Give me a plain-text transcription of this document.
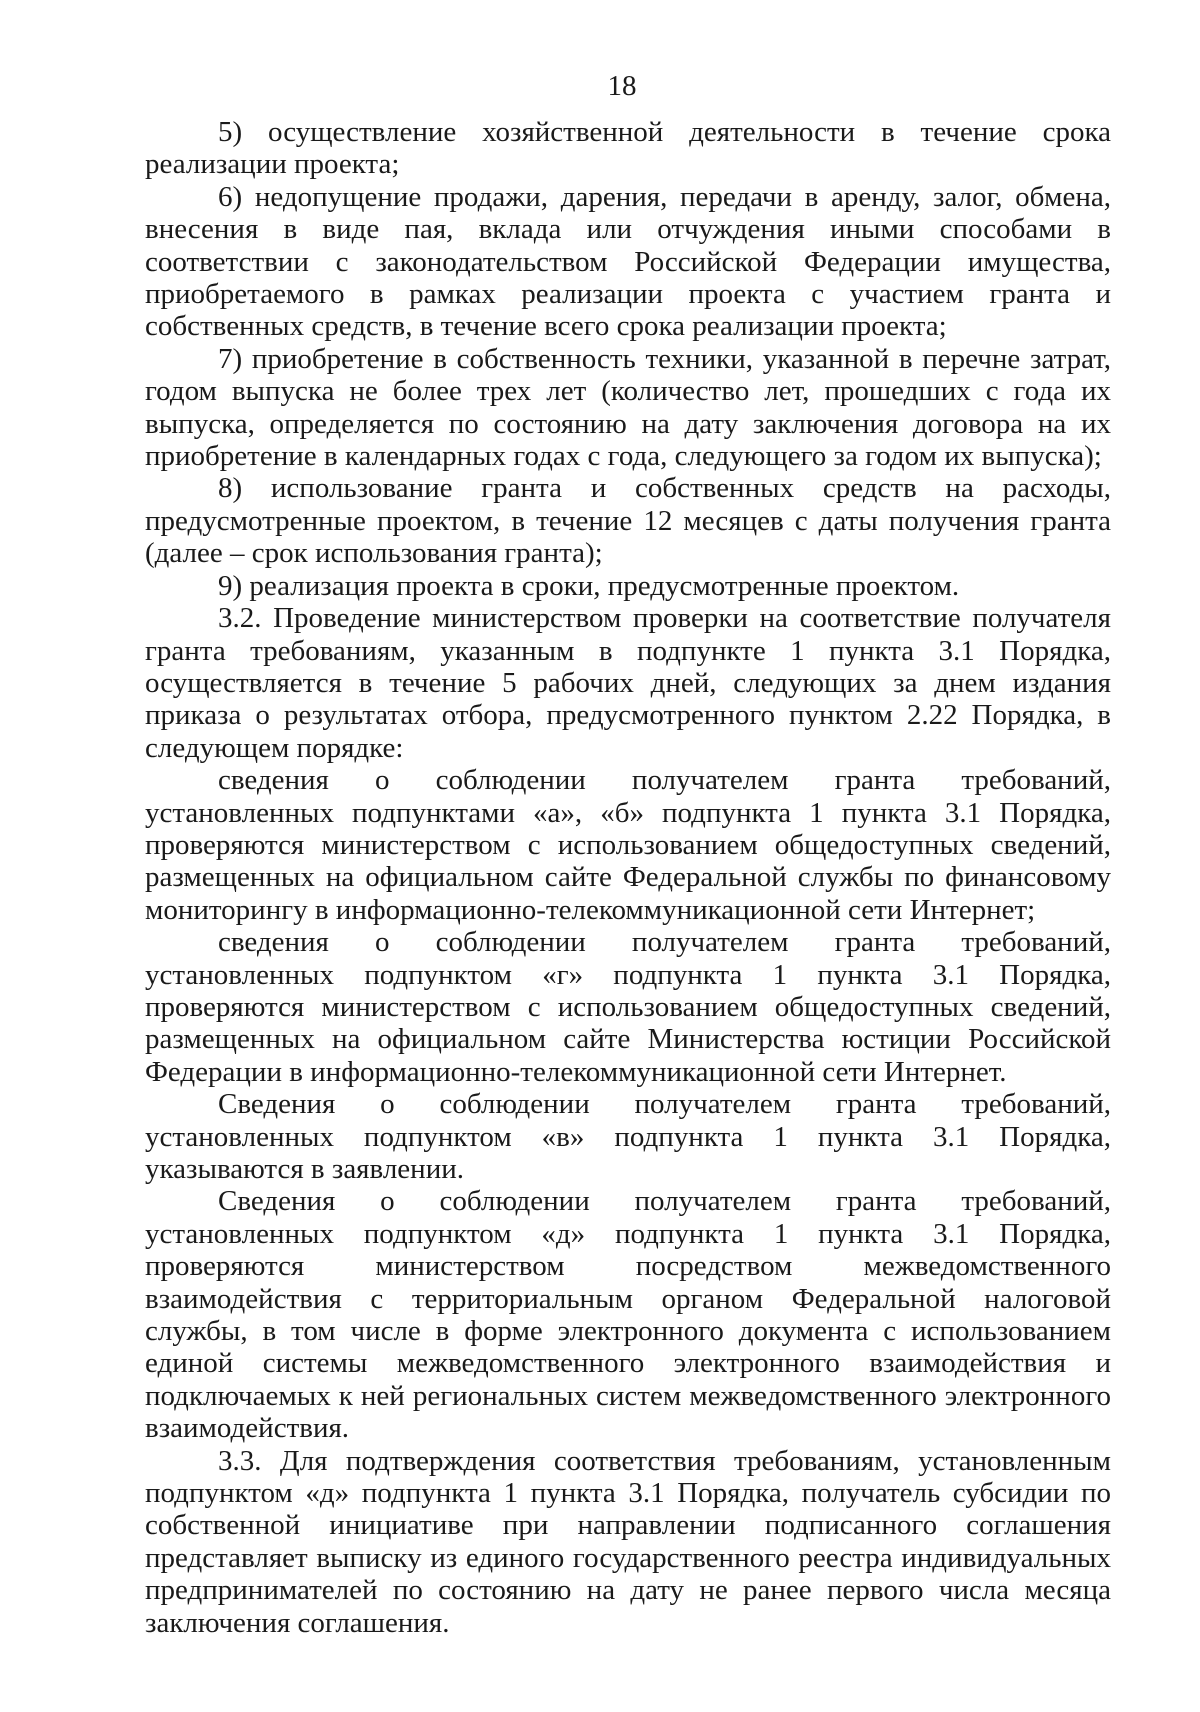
18

5) осуществление хозяйственной деятельности в течение срока реализации проекта;

6) недопущение продажи, дарения, передачи в аренду, залог, обмена, внесения в виде пая, вклада или отчуждения иными способами в соответствии с законодательством Российской Федерации имущества, приобретаемого в рамках реализации проекта с участием гранта и собственных средств, в течение всего срока реализации проекта;

7) приобретение в собственность техники, указанной в перечне затрат, годом выпуска не более трех лет (количество лет, прошедших с года их выпуска, определяется по состоянию на дату заключения договора на их приобретение в календарных годах с года, следующего за годом их выпуска);

8) использование гранта и собственных средств на расходы, предусмотренные проектом, в течение 12 месяцев с даты получения гранта (далее – срок использования гранта);

9) реализация проекта в сроки, предусмотренные проектом.

3.2. Проведение министерством проверки на соответствие получателя гранта требованиям, указанным в подпункте 1 пункта 3.1 Порядка, осуществляется в течение 5 рабочих дней, следующих за днем издания приказа о результатах отбора, предусмотренного пунктом 2.22 Порядка, в следующем порядке:

сведения о соблюдении получателем гранта требований, установленных подпунктами «а», «б» подпункта 1 пункта 3.1 Порядка, проверяются министерством с использованием общедоступных сведений, размещенных на официальном сайте Федеральной службы по финансовому мониторингу в информационно-телекоммуникационной сети Интернет;

сведения о соблюдении получателем гранта требований, установленных подпунктом «г» подпункта 1 пункта 3.1 Порядка, проверяются министерством с использованием общедоступных сведений, размещенных на официальном сайте Министерства юстиции Российской Федерации в информационно-телекоммуникационной сети Интернет.

Сведения о соблюдении получателем гранта требований, установленных подпунктом «в» подпункта 1 пункта 3.1 Порядка, указываются в заявлении.

Сведения о соблюдении получателем гранта требований, установленных подпунктом «д» подпункта 1 пункта 3.1 Порядка, проверяются министерством посредством межведомственного взаимодействия с территориальным органом Федеральной налоговой службы, в том числе в форме электронного документа с использованием единой системы межведомственного электронного взаимодействия и подключаемых к ней региональных систем межведомственного электронного взаимодействия.

3.3. Для подтверждения соответствия требованиям, установленным подпунктом «д» подпункта 1 пункта 3.1 Порядка, получатель субсидии по собственной инициативе при направлении подписанного соглашения представляет выписку из единого государственного реестра индивидуальных предпринимателей по состоянию на дату не ранее первого числа месяца заключения соглашения.
